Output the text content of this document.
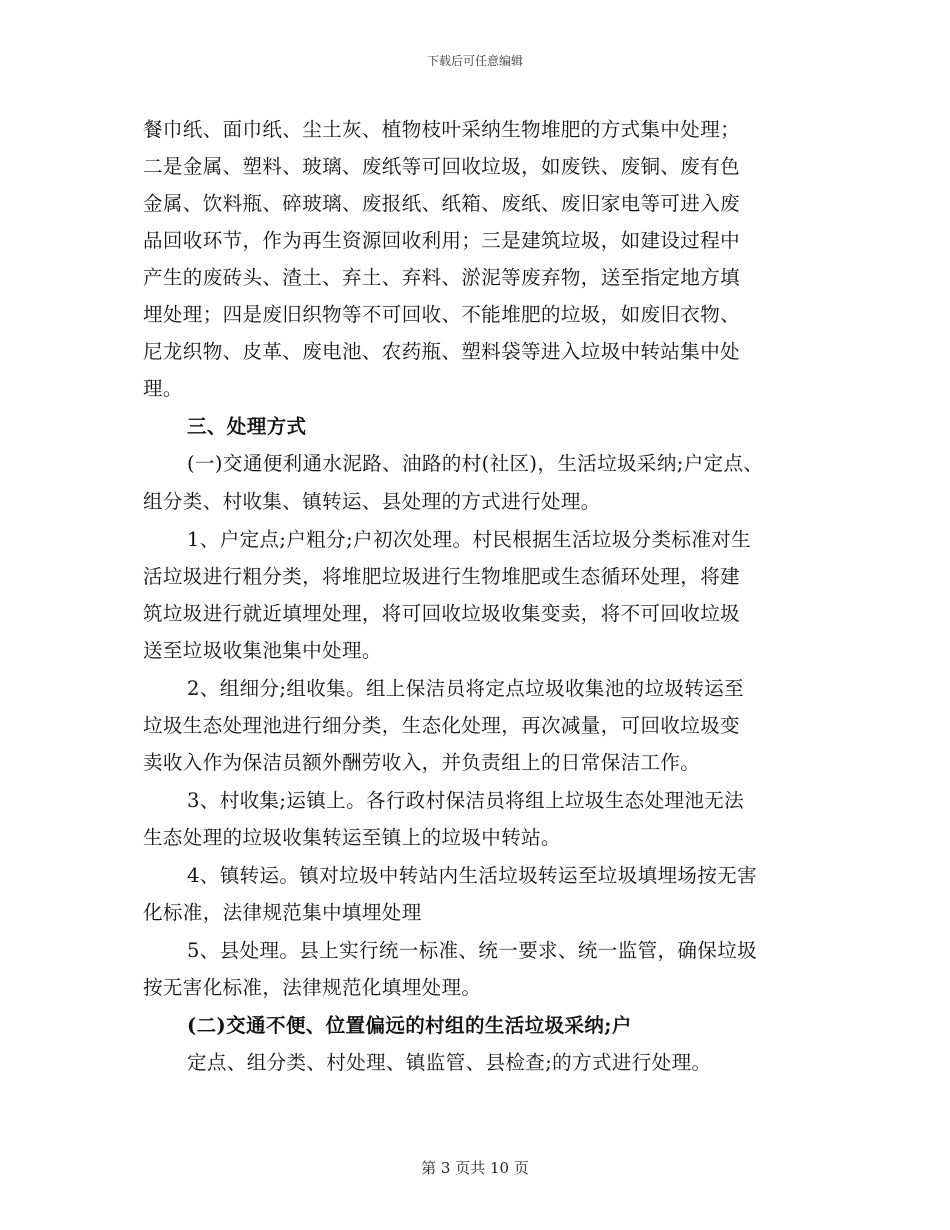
下载后可任意编辑
餐巾纸、面巾纸、尘土灰、植物枝叶采纳生物堆肥的方式集中处理；
二是金属、塑料、玻璃、废纸等可回收垃圾，如废铁、废铜、废有色
金属、饮料瓶、碎玻璃、废报纸、纸箱、废纸、废旧家电等可进入废
品回收环节，作为再生资源回收利用；三是建筑垃圾，如建设过程中
产生的废砖头、渣土、弃土、弃料、淤泥等废弃物，送至指定地方填
埋处理；四是废旧织物等不可回收、不能堆肥的垃圾，如废旧衣物、
尼龙织物、皮革、废电池、农药瓶、塑料袋等进入垃圾中转站集中处
理。
三、处理方式
(一)交通便利通水泥路、油路的村(社区)，生活垃圾采纳;户定点、
组分类、村收集、镇转运、县处理的方式进行处理。
1、户定点;户粗分;户初次处理。村民根据生活垃圾分类标准对生
活垃圾进行粗分类，将堆肥垃圾进行生物堆肥或生态循环处理，将建
筑垃圾进行就近填埋处理，将可回收垃圾收集变卖，将不可回收垃圾
送至垃圾收集池集中处理。
2、组细分;组收集。组上保洁员将定点垃圾收集池的垃圾转运至
垃圾生态处理池进行细分类，生态化处理，再次减量，可回收垃圾变
卖收入作为保洁员额外酬劳收入，并负责组上的日常保洁工作。
3、村收集;运镇上。各行政村保洁员将组上垃圾生态处理池无法
生态处理的垃圾收集转运至镇上的垃圾中转站。
4、镇转运。镇对垃圾中转站内生活垃圾转运至垃圾填埋场按无害
化标准，法律规范集中填埋处理
5、县处理。县上实行统一标准、统一要求、统一监管，确保垃圾
按无害化标准，法律规范化填埋处理。
(二)交通不便、位置偏远的村组的生活垃圾采纳;户
定点、组分类、村处理、镇监管、县检查;的方式进行处理。
第 3 页共 10 页
